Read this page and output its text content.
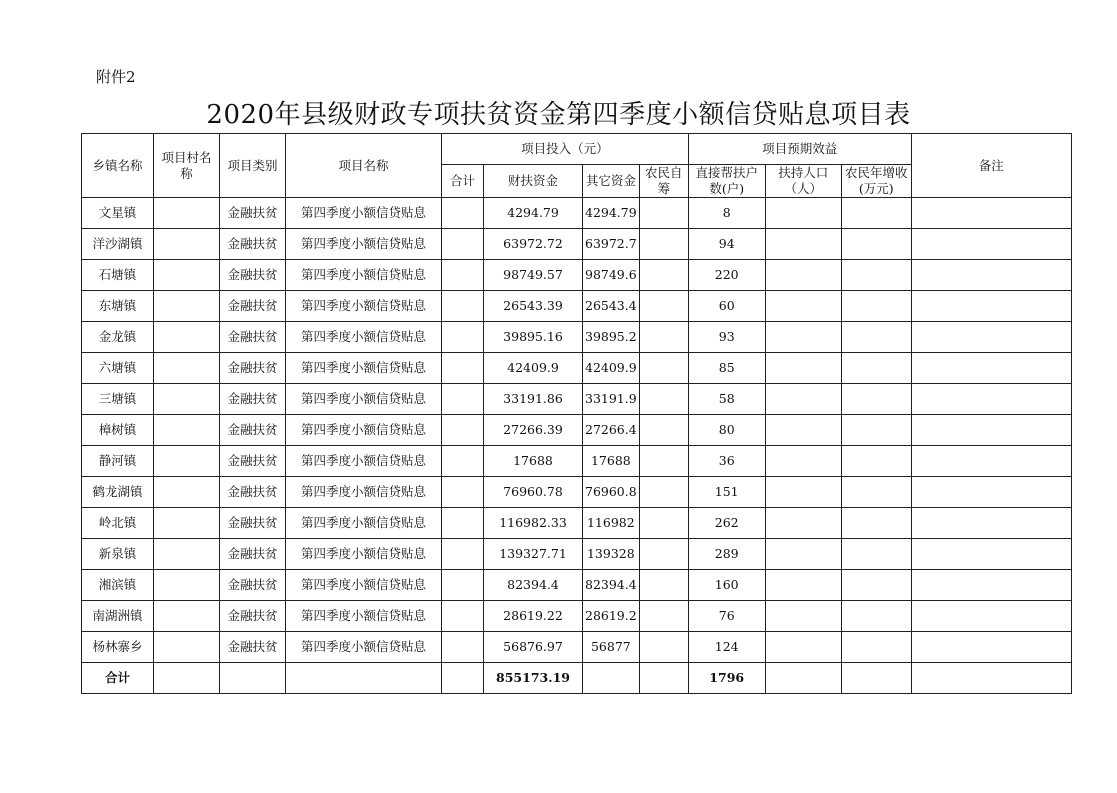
附件2
2020年县级财政专项扶贫资金第四季度小额信贷贴息项目表
乡镇名称	项目村名称	项目类别	项目名称	项目投入（元）				项目预期效益			备注
				合计	财扶资金	其它资金	农民自筹	直接帮扶户数(户)	扶持人口（人）	农民年增收(万元)	
文星镇		金融扶贫	第四季度小额信贷贴息		4294.79	4294.79		8			
洋沙湖镇		金融扶贫	第四季度小额信贷贴息		63972.72	63972.7		94			
石塘镇		金融扶贫	第四季度小额信贷贴息		98749.57	98749.6		220			
东塘镇		金融扶贫	第四季度小额信贷贴息		26543.39	26543.4		60			
金龙镇		金融扶贫	第四季度小额信贷贴息		39895.16	39895.2		93			
六塘镇		金融扶贫	第四季度小额信贷贴息		42409.9	42409.9		85			
三塘镇		金融扶贫	第四季度小额信贷贴息		33191.86	33191.9		58			
樟树镇		金融扶贫	第四季度小额信贷贴息		27266.39	27266.4		80			
静河镇		金融扶贫	第四季度小额信贷贴息		17688	17688		36			
鹤龙湖镇		金融扶贫	第四季度小额信贷贴息		76960.78	76960.8		151			
岭北镇		金融扶贫	第四季度小额信贷贴息		116982.33	116982		262			
新泉镇		金融扶贫	第四季度小额信贷贴息		139327.71	139328		289			
湘滨镇		金融扶贫	第四季度小额信贷贴息		82394.4	82394.4		160			
南湖洲镇		金融扶贫	第四季度小额信贷贴息		28619.22	28619.2		76			
杨林寨乡		金融扶贫	第四季度小额信贷贴息		56876.97	56877		124			
合计					855173.19			1796			
